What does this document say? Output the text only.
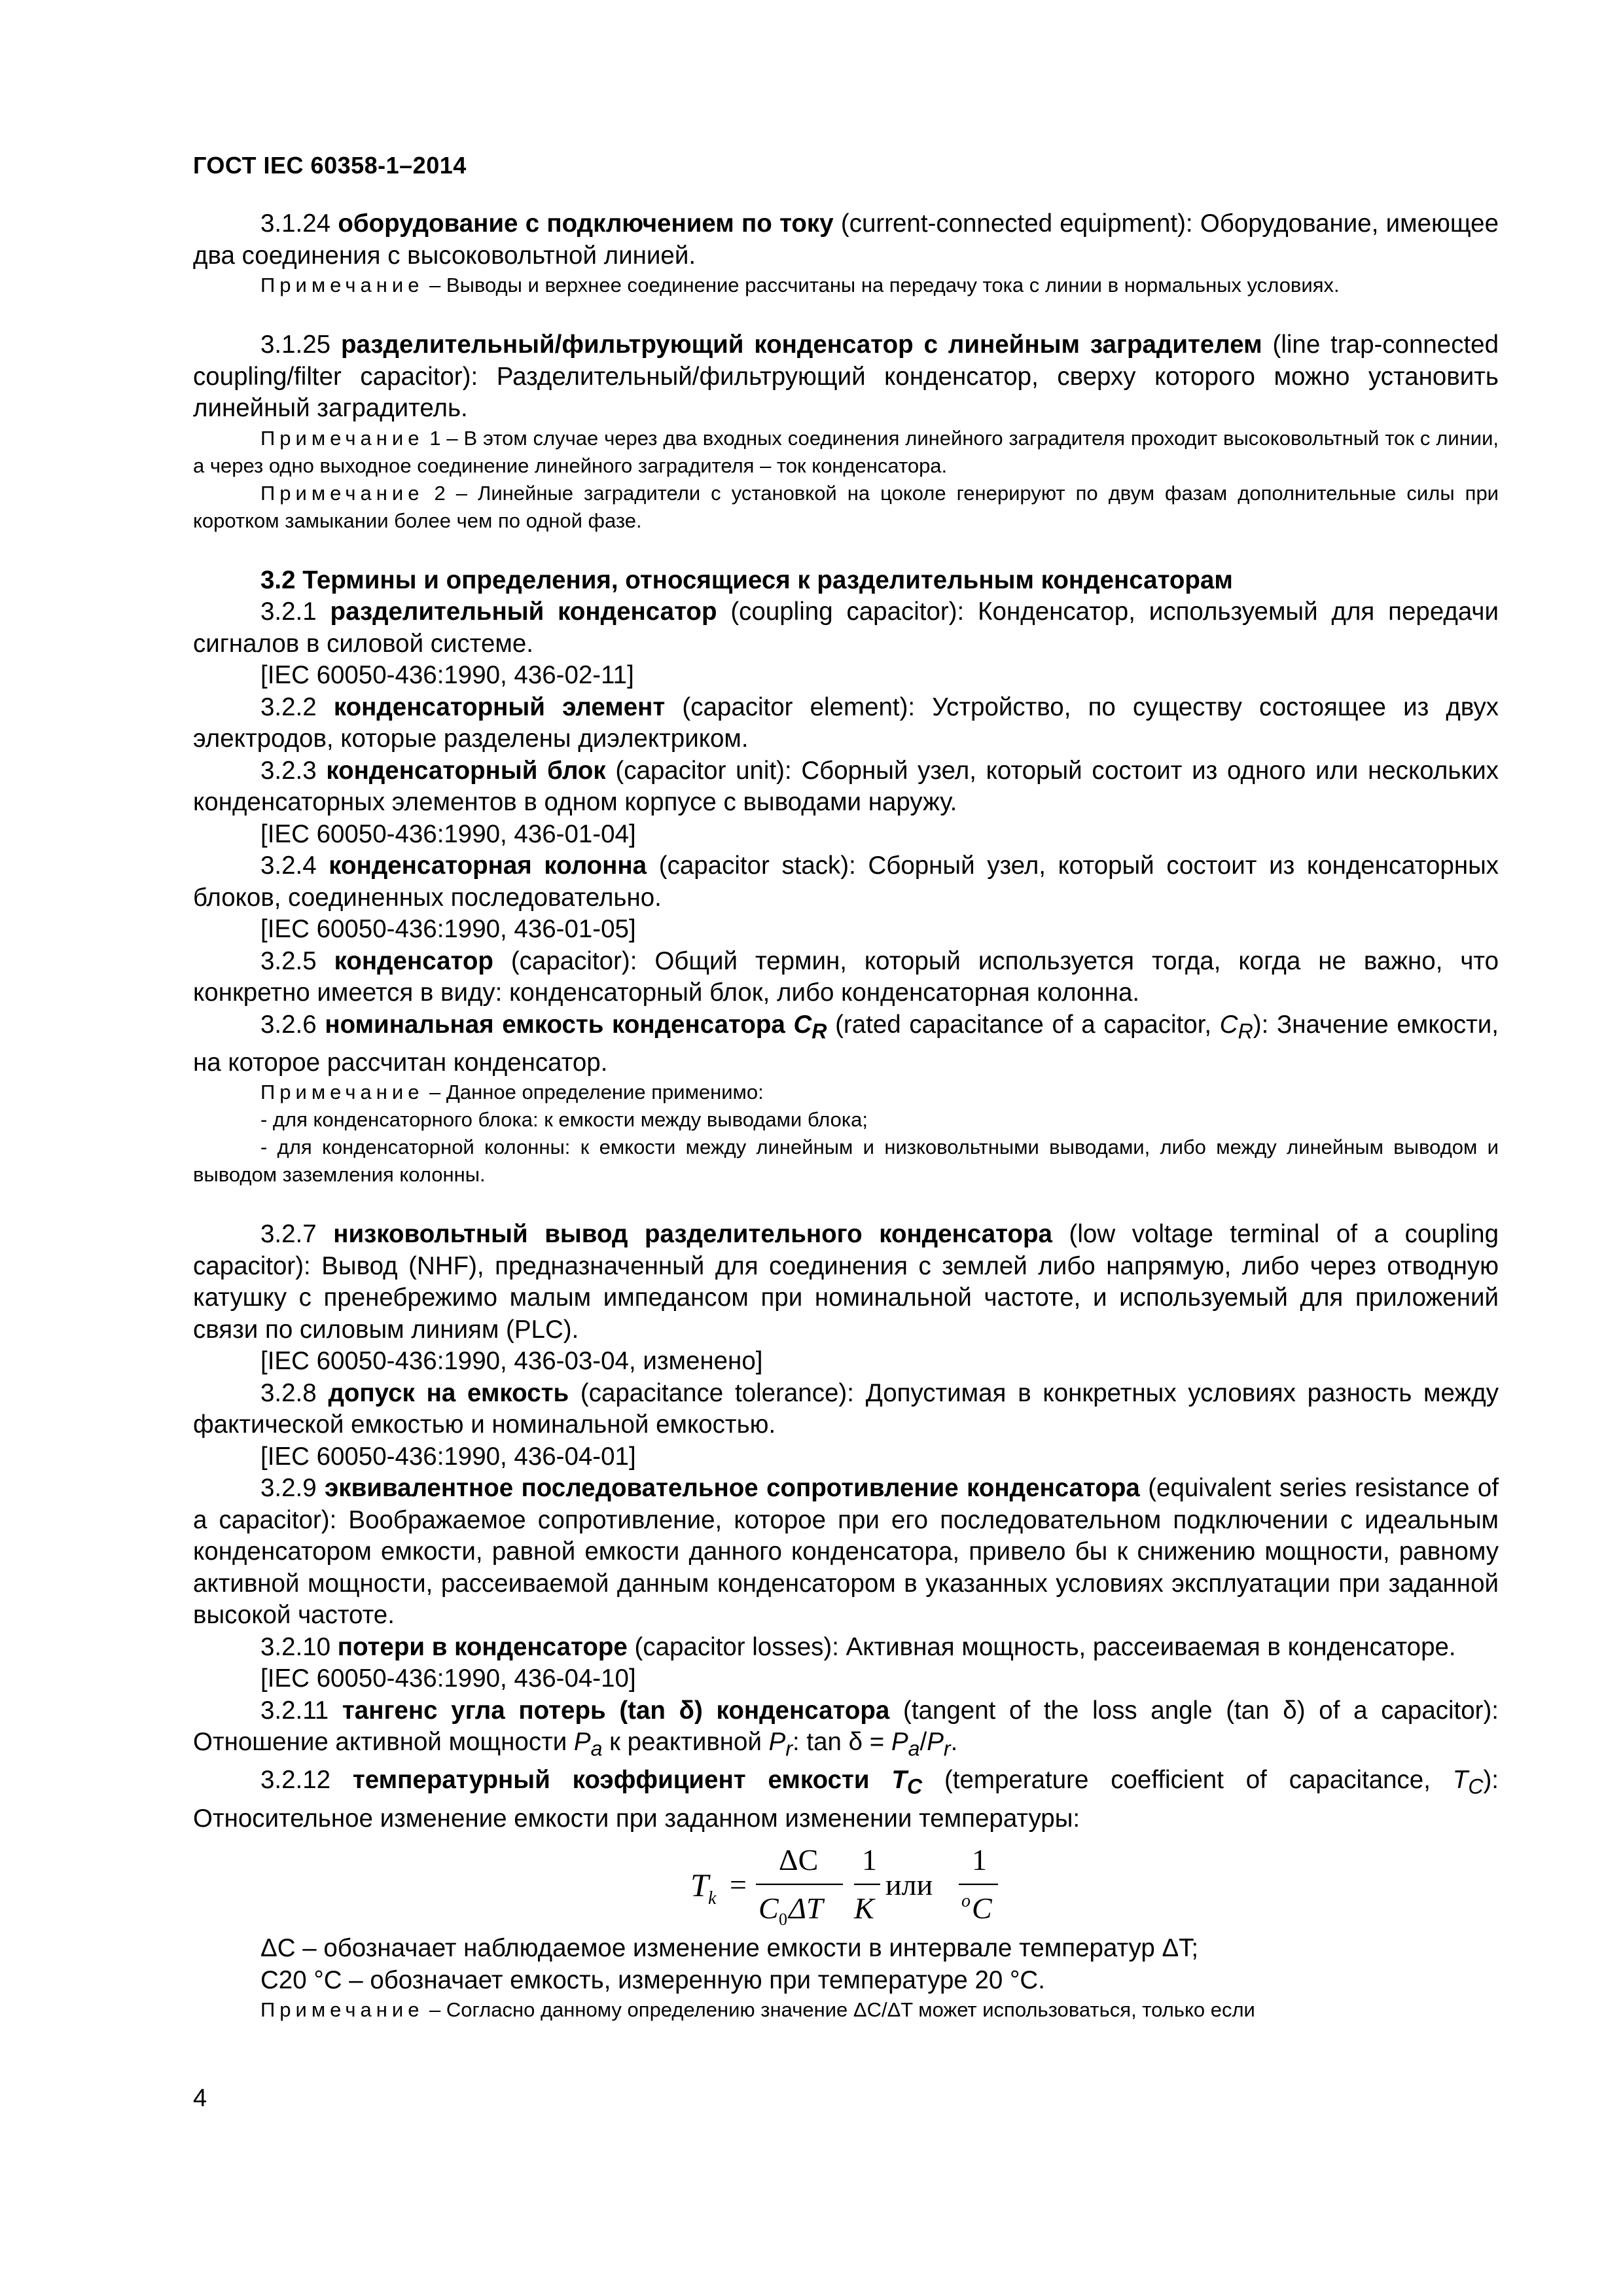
ГОСТ IEC 60358-1–2014

3.1.24 оборудование с подключением по току (current-connected equipment): Оборудование, имеющее два соединения с высоковольтной линией.

Примечание – Выводы и верхнее соединение рассчитаны на передачу тока с линии в нормальных условиях.

3.1.25 разделительный/фильтрующий конденсатор с линейным заградителем (line trap-connected coupling/filter capacitor): Разделительный/фильтрующий конденсатор, сверху которого можно установить линейный заградитель.

Примечание 1 – В этом случае через два входных соединения линейного заградителя проходит высоковольтный ток с линии, а через одно выходное соединение линейного заградителя – ток конденсатора.

Примечание 2 – Линейные заградители с установкой на цоколе генерируют по двум фазам дополнительные силы при коротком замыкании более чем по одной фазе.

3.2 Термины и определения, относящиеся к разделительным конденсаторам

3.2.1 разделительный конденсатор (coupling capacitor): Конденсатор, используемый для передачи сигналов в силовой системе.

[IEC 60050-436:1990, 436-02-11]

3.2.2 конденсаторный элемент (capacitor element): Устройство, по существу состоящее из двух электродов, которые разделены диэлектриком.

3.2.3 конденсаторный блок (capacitor unit): Сборный узел, который состоит из одного или нескольких конденсаторных элементов в одном корпусе с выводами наружу.

[IEC 60050-436:1990, 436-01-04]

3.2.4 конденсаторная колонна (capacitor stack): Сборный узел, который состоит из конденсаторных блоков, соединенных последовательно.

[IEC 60050-436:1990, 436-01-05]

3.2.5 конденсатор (capacitor): Общий термин, который используется тогда, когда не важно, что конкретно имеется в виду: конденсаторный блок, либо конденсаторная колонна.

3.2.6 номинальная емкость конденсатора $C_R$ (rated capacitance of a capacitor, $C_R$): Значение емкости, на которое рассчитан конденсатор.

Примечание – Данное определение применимо:

- для конденсаторного блока: к емкости между выводами блока;

- для конденсаторной колонны: к емкости между линейным и низковольтными выводами, либо между линейным выводом и выводом заземления колонны.

3.2.7 низковольтный вывод разделительного конденсатора (low voltage terminal of a coupling capacitor): Вывод (NHF), предназначенный для соединения с землей либо напрямую, либо через отводную катушку с пренебрежимо малым импедансом при номинальной частоте, и используемый для приложений связи по силовым линиям (PLC).

[IEC 60050-436:1990, 436-03-04, изменено]

3.2.8 допуск на емкость (capacitance tolerance): Допустимая в конкретных условиях разность между фактической емкостью и номинальной емкостью.

[IEC 60050-436:1990, 436-04-01]

3.2.9 эквивалентное последовательное сопротивление конденсатора (equivalent series resistance of a capacitor): Воображаемое сопротивление, которое при его последовательном подключении с идеальным конденсатором емкости, равной емкости данного конденсатора, привело бы к снижению мощности, равному активной мощности, рассеиваемой данным конденсатором в указанных условиях эксплуатации при заданной высокой частоте.

3.2.10 потери в конденсаторе (capacitor losses): Активная мощность, рассеиваемая в конденсаторе.

[IEC 60050-436:1990, 436-04-10]

3.2.11 тангенс угла потерь (tan δ) конденсатора (tangent of the loss angle (tan δ) of a capacitor): Отношение активной мощности $P_a$ к реактивной $P_r$: $\tan \delta = P_a/P_r$.

3.2.12 температурный коэффициент емкости $T_C$ (temperature coefficient of capacitance, $T_C$): Относительное изменение емкости при заданном изменении температуры:

T k =
ΔC
C 0 ΔT
1
K
или
1
o C

ΔC – обозначает наблюдаемое изменение емкости в интервале температур ΔT;

C20 °C – обозначает емкость, измеренную при температуре 20 °C.

Примечание – Согласно данному определению значение ΔC/ΔT может использоваться, только если

4
